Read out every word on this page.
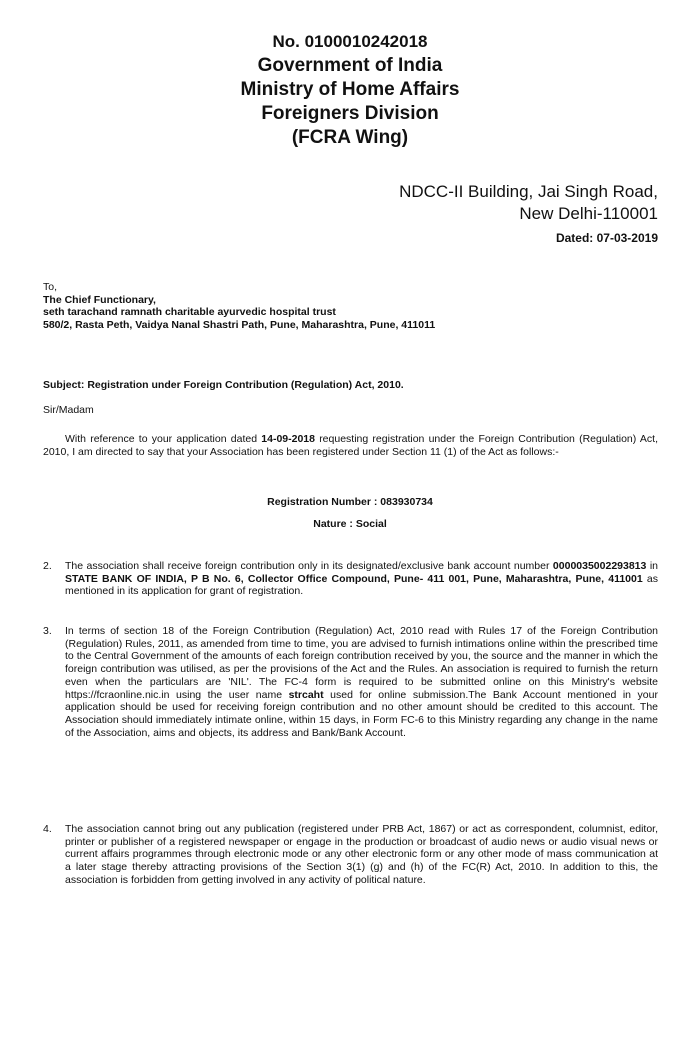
No. 0100010242018
Government of India
Ministry of Home Affairs
Foreigners Division
(FCRA Wing)
NDCC-II Building, Jai Singh Road,
New Delhi-110001
Dated: 07-03-2019
To,
The Chief Functionary,
seth tarachand ramnath charitable ayurvedic hospital trust
580/2, Rasta Peth, Vaidya Nanal Shastri Path, Pune, Maharashtra, Pune, 411011
Subject: Registration under Foreign Contribution (Regulation) Act, 2010.
Sir/Madam
With reference to your application dated 14-09-2018 requesting registration under the Foreign Contribution (Regulation) Act, 2010, I am directed to say that your Association has been registered under Section 11 (1) of the Act as follows:-
Registration Number : 083930734
Nature : Social
2. The association shall receive foreign contribution only in its designated/exclusive bank account number 0000035002293813 in STATE BANK OF INDIA, P B No. 6, Collector Office Compound, Pune- 411 001, Pune, Maharashtra, Pune, 411001 as mentioned in its application for grant of registration.
3. In terms of section 18 of the Foreign Contribution (Regulation) Act, 2010 read with Rules 17 of the Foreign Contribution (Regulation) Rules, 2011, as amended from time to time, you are advised to furnish intimations online within the prescribed time to the Central Government of the amounts of each foreign contribution received by you, the source and the manner in which the foreign contribution was utilised, as per the provisions of the Act and the Rules. An association is required to furnish the return even when the particulars are 'NIL'. The FC-4 form is required to be submitted online on this Ministry's website https://fcraonline.nic.in using the user name strcaht used for online submission.The Bank Account mentioned in your application should be used for receiving foreign contribution and no other amount should be credited to this account. The Association should immediately intimate online, within 15 days, in Form FC-6 to this Ministry regarding any change in the name of the Association, aims and objects, its address and Bank/Bank Account.
4. The association cannot bring out any publication (registered under PRB Act, 1867) or act as correspondent, columnist, editor, printer or publisher of a registered newspaper or engage in the production or broadcast of audio news or audio visual news or current affairs programmes through electronic mode or any other electronic form or any other mode of mass communication at a later stage thereby attracting provisions of the Section 3(1) (g) and (h) of the FC(R) Act, 2010. In addition to this, the association is forbidden from getting involved in any activity of political nature.
